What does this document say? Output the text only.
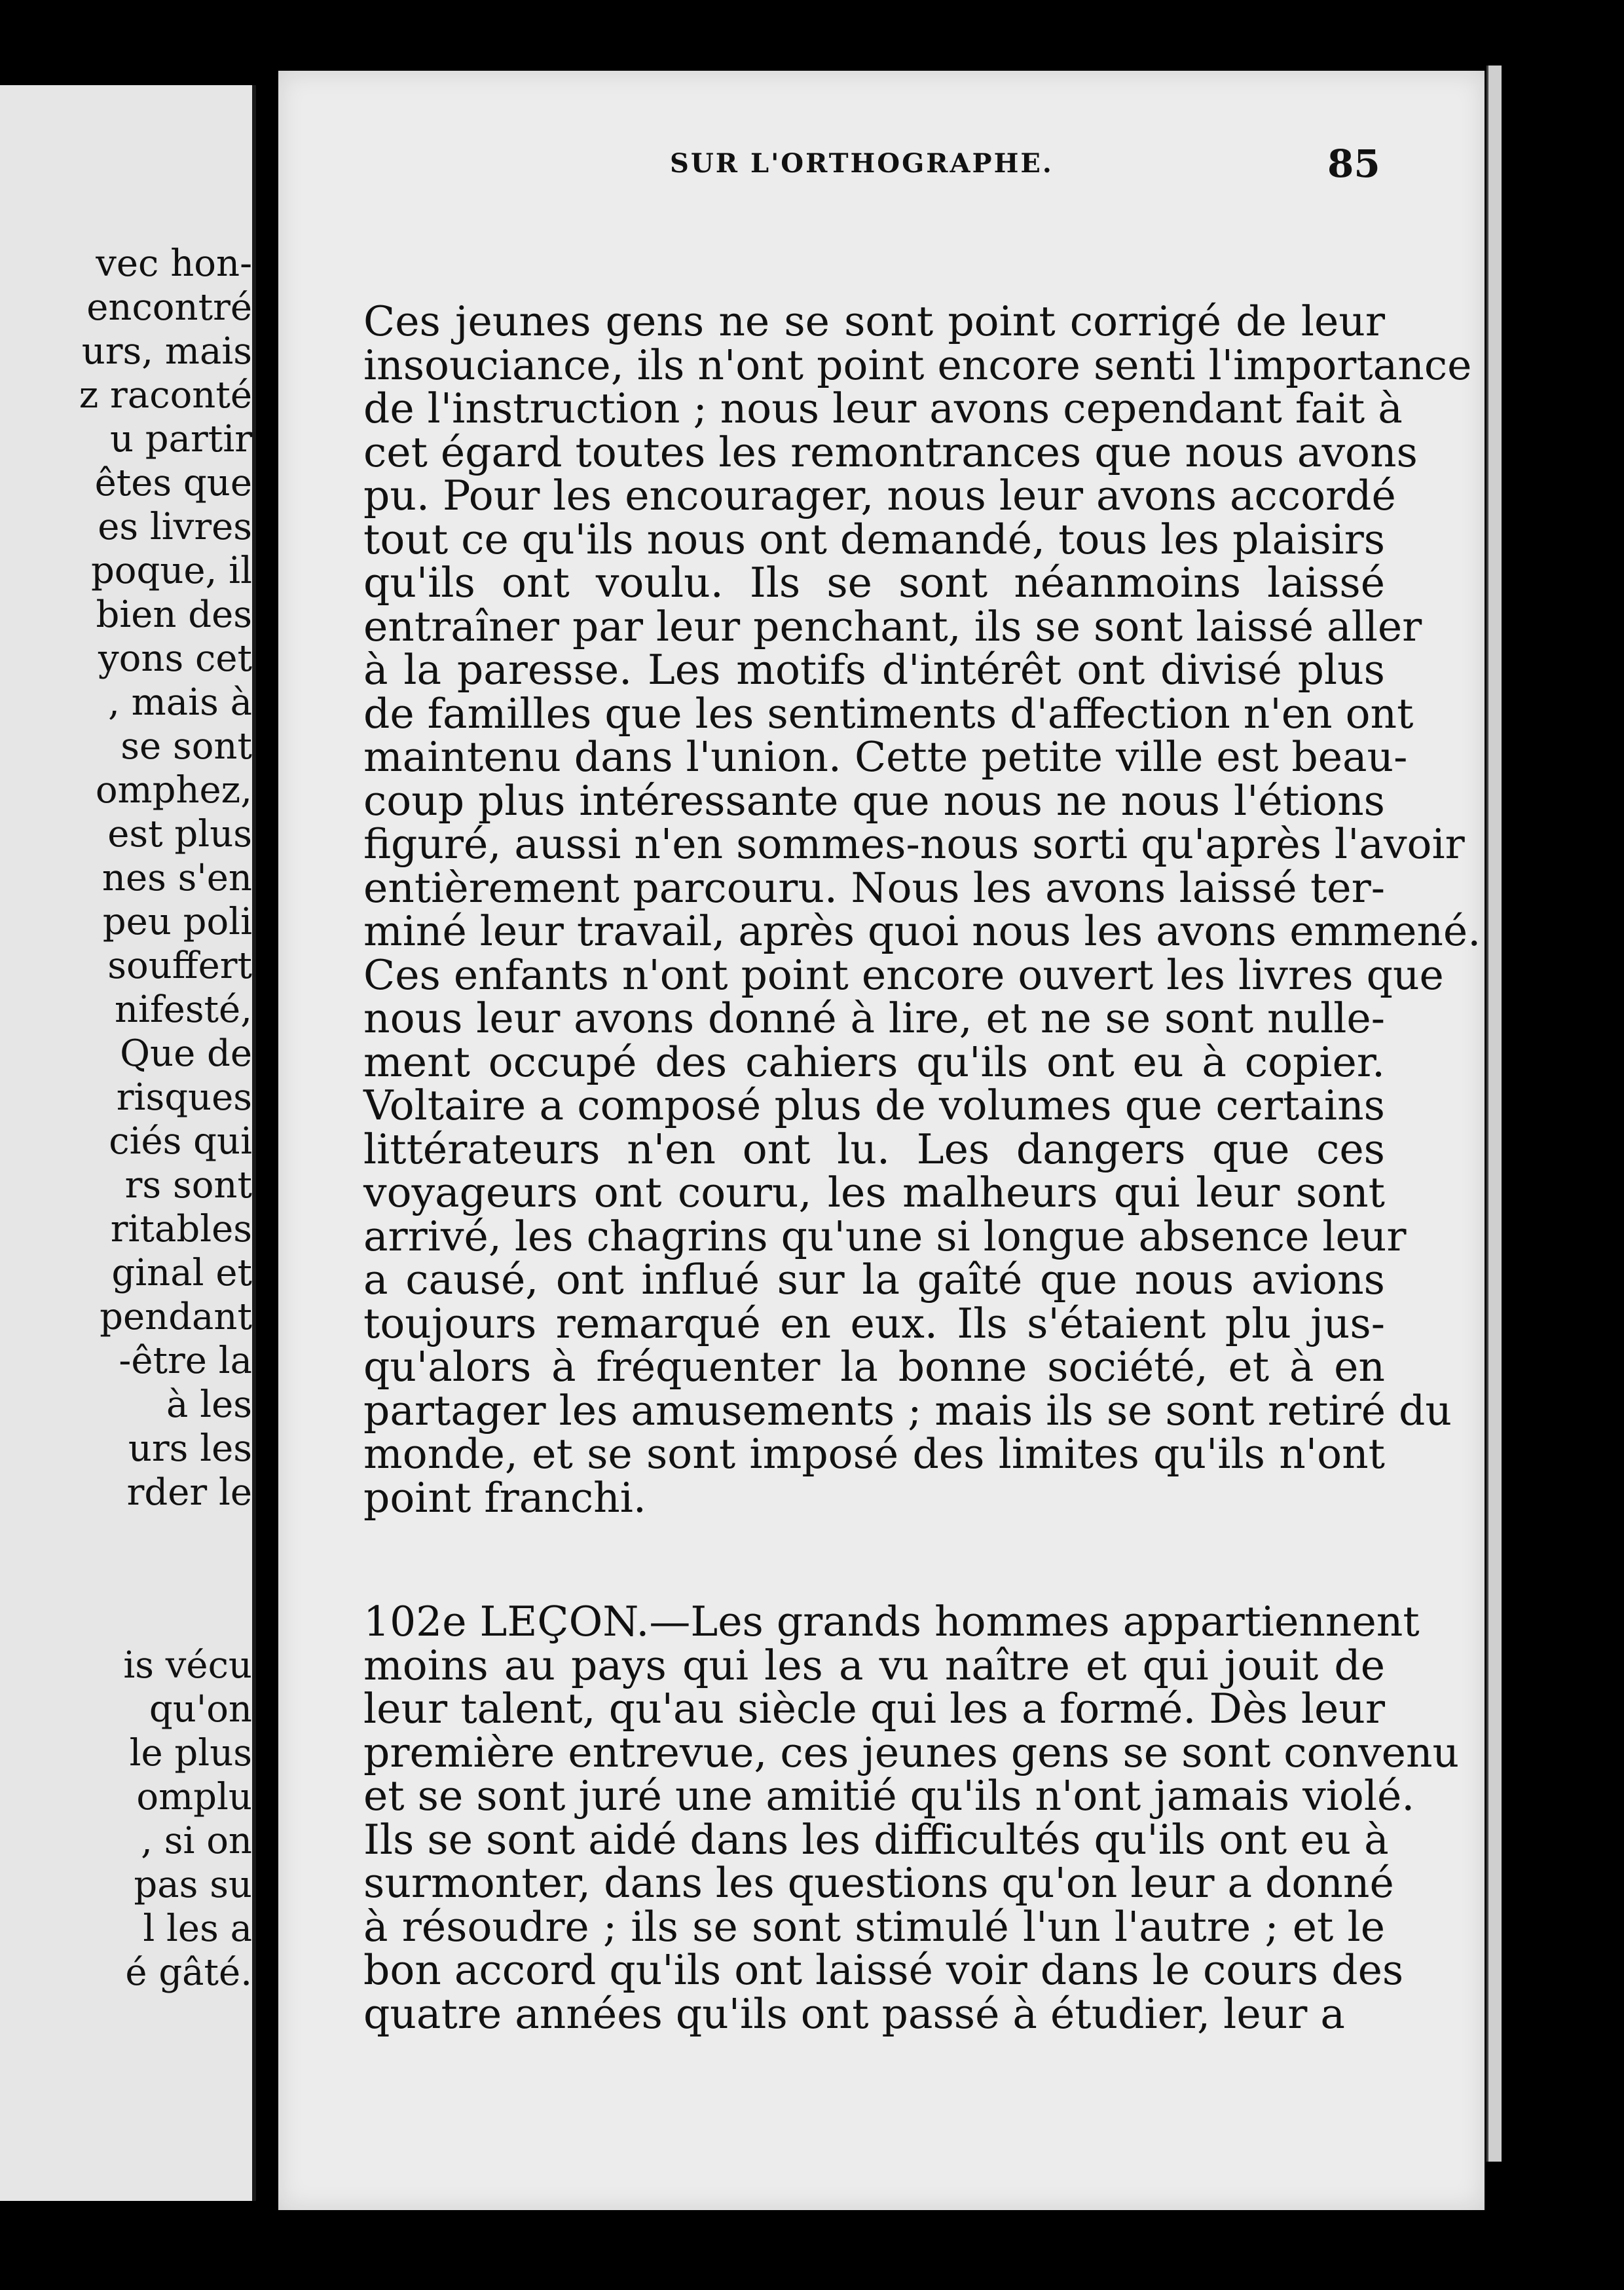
vec hon-
encontré
urs, mais
z raconté
u partir
êtes que
es livres
poque, il
bien des
yons cet
, mais à
se sont
omphez,
est plus
nes s'en
peu poli
souffert
nifesté,
Que de
risques
ciés qui
rs sont
ritables
ginal et
pendant
-être la
à les
urs les
rder le
is vécu
qu'on
le plus
omplu
, si on
pas su
l les a
é gâté.
SUR L'ORTHOGRAPHE.	85
Ces jeunes gens ne se sont point corrigé de leur
insouciance, ils n'ont point encore senti l'importance
de l'instruction ; nous leur avons cependant fait à
cet égard toutes les remontrances que nous avons
pu. Pour les encourager, nous leur avons accordé
tout ce qu'ils nous ont demandé, tous les plaisirs
qu'ils ont voulu. Ils se sont néanmoins laissé
entraîner par leur penchant, ils se sont laissé aller
à la paresse. Les motifs d'intérêt ont divisé plus
de familles que les sentiments d'affection n'en ont
maintenu dans l'union. Cette petite ville est beau-
coup plus intéressante que nous ne nous l'étions
figuré, aussi n'en sommes-nous sorti qu'après l'avoir
entièrement parcouru. Nous les avons laissé ter-
miné leur travail, après quoi nous les avons emmené.
Ces enfants n'ont point encore ouvert les livres que
nous leur avons donné à lire, et ne se sont nulle-
ment occupé des cahiers qu'ils ont eu à copier.
Voltaire a composé plus de volumes que certains
littérateurs n'en ont lu. Les dangers que ces
voyageurs ont couru, les malheurs qui leur sont
arrivé, les chagrins qu'une si longue absence leur
a causé, ont influé sur la gaîté que nous avions
toujours remarqué en eux. Ils s'étaient plu jus-
qu'alors à fréquenter la bonne société, et à en
partager les amusements ; mais ils se sont retiré du
monde, et se sont imposé des limites qu'ils n'ont
point franchi.
102e LEÇON.—Les grands hommes appartiennent
moins au pays qui les a vu naître et qui jouit de
leur talent, qu'au siècle qui les a formé. Dès leur
première entrevue, ces jeunes gens se sont convenu
et se sont juré une amitié qu'ils n'ont jamais violé.
Ils se sont aidé dans les difficultés qu'ils ont eu à
surmonter, dans les questions qu'on leur a donné
à résoudre ; ils se sont stimulé l'un l'autre ; et le
bon accord qu'ils ont laissé voir dans le cours des
quatre années qu'ils ont passé à étudier, leur a
